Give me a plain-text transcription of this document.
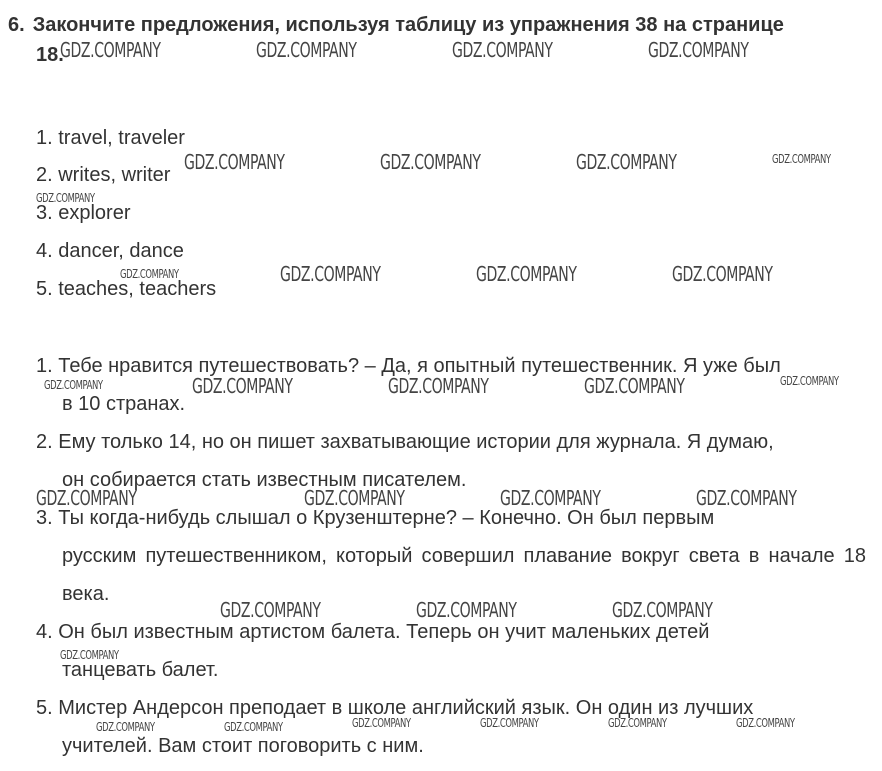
6. Закончите предложения, используя таблицу из упражнения 38 на странице
18.
1. travel, traveler
2. writes, writer
3. explorer
4. dancer, dance
5. teaches, teachers
1. Тебе нравится путешествовать? – Да, я опытный путешественник. Я уже был
в 10 странах.
2. Ему только 14, но он пишет захватывающие истории для журнала. Я думаю,
он собирается стать известным писателем.
3. Ты когда-нибудь слышал о Крузенштерне? – Конечно. Он был первым
русским путешественником, который совершил плавание вокруг света в начале 18 века.
4. Он был известным артистом балета. Теперь он учит маленьких детей
танцевать балет.
5. Мистер Андерсон преподает в школе английский язык. Он один из лучших
учителей. Вам стоит поговорить с ним.
GDZ.COMPANY	GDZ.COMPANY	GDZ.COMPANY	GDZ.COMPANY
GDZ.COMPANY	GDZ.COMPANY	GDZ.COMPANY	GDZ.COMPANY
GDZ.COMPANY
GDZ.COMPANY	GDZ.COMPANY	GDZ.COMPANY	GDZ.COMPANY
GDZ.COMPANY	GDZ.COMPANY	GDZ.COMPANY	GDZ.COMPANY	GDZ.COMPANY
GDZ.COMPANY	GDZ.COMPANY	GDZ.COMPANY	GDZ.COMPANY
GDZ.COMPANY	GDZ.COMPANY	GDZ.COMPANY
GDZ.COMPANY
GDZ.COMPANY	GDZ.COMPANY	GDZ.COMPANY	GDZ.COMPANY	GDZ.COMPANY	GDZ.COMPANY
